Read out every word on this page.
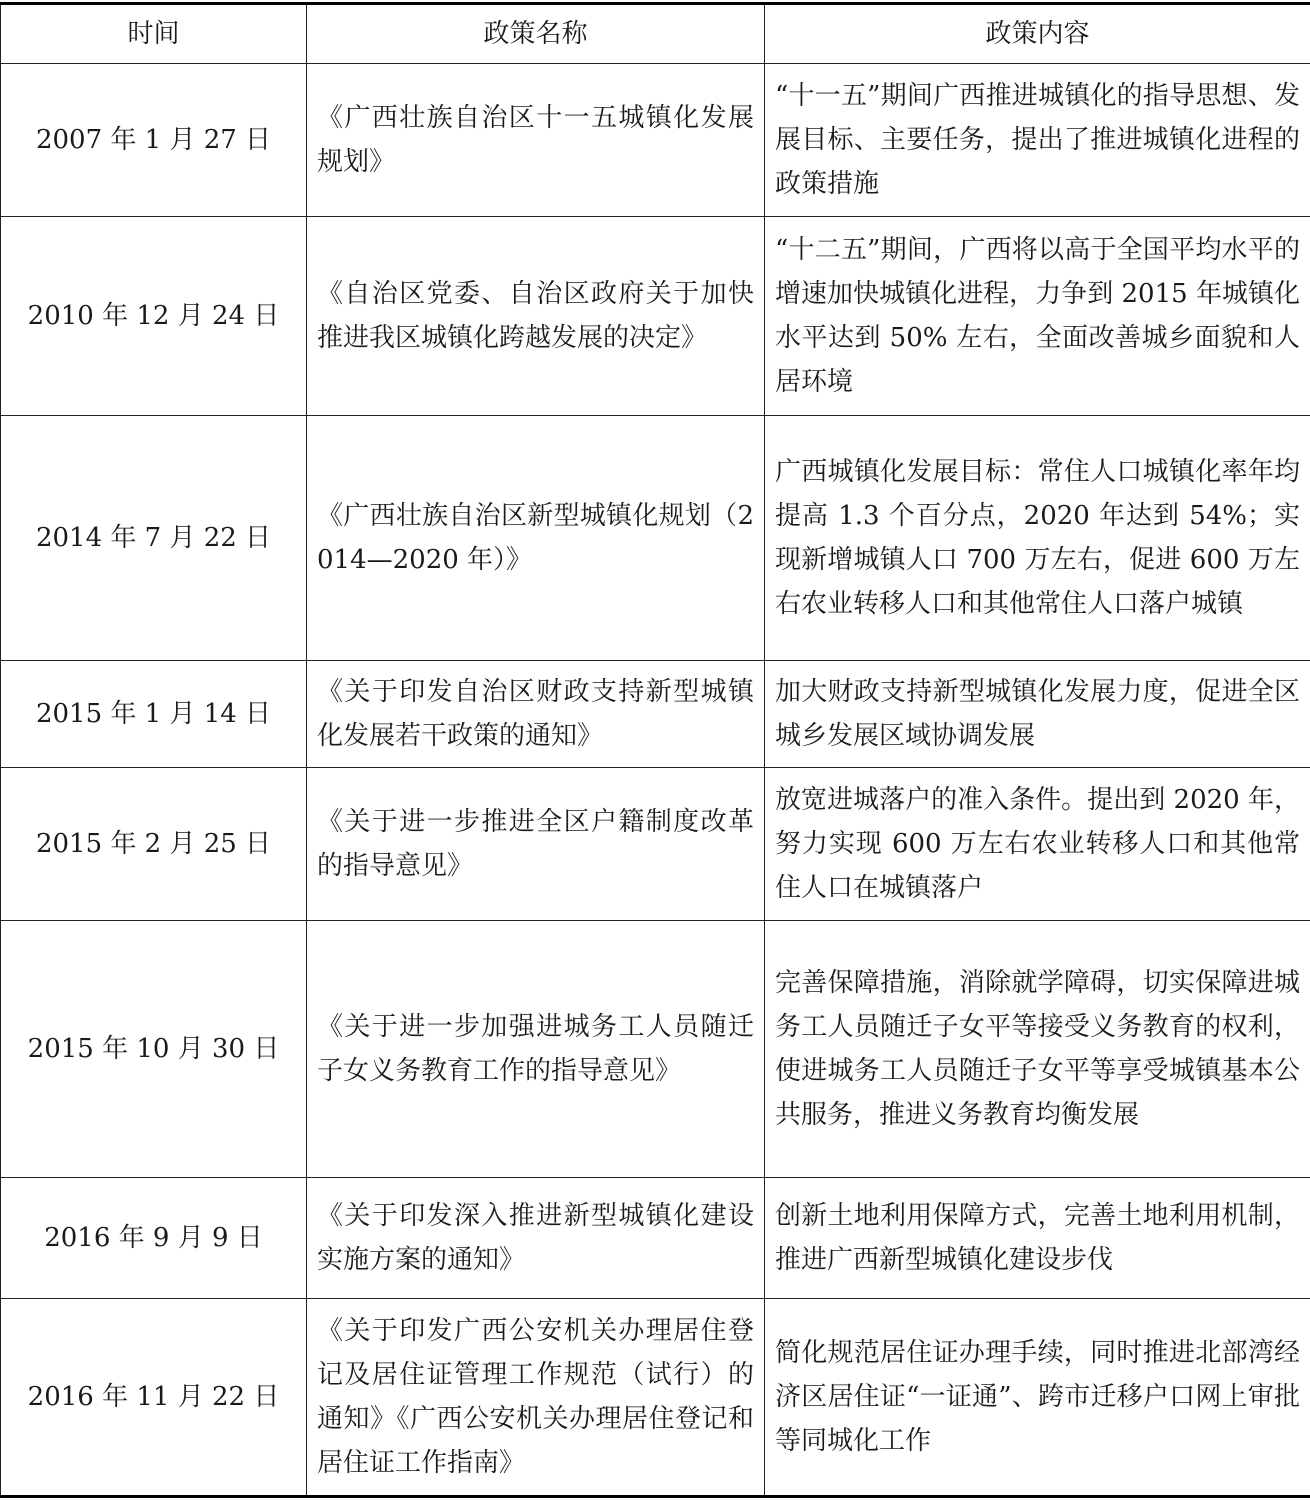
时间	政策名称	政策内容
2007 年 1 月 27 日	《广西壮族自治区十一五城镇化发展规划》	“十一五”期间广西推进城镇化的指导思想、发展目标、主要任务，提出了推进城镇化进程的政策措施
2010 年 12 月 24 日	《自治区党委、自治区政府关于加快推进我区城镇化跨越发展的决定》	“十二五”期间，广西将以高于全国平均水平的增速加快城镇化进程，力争到 2015 年城镇化水平达到 50% 左右，全面改善城乡面貌和人居环境
2014 年 7 月 22 日	《广西壮族自治区新型城镇化规划（2014—2020 年）》	广西城镇化发展目标：常住人口城镇化率年均提高 1.3 个百分点，2020 年达到 54%；实现新增城镇人口 700 万左右，促进 600 万左右农业转移人口和其他常住人口落户城镇
2015 年 1 月 14 日	《关于印发自治区财政支持新型城镇化发展若干政策的通知》	加大财政支持新型城镇化发展力度，促进全区城乡发展区域协调发展
2015 年 2 月 25 日	《关于进一步推进全区户籍制度改革的指导意见》	放宽进城落户的准入条件。提出到 2020 年，努力实现 600 万左右农业转移人口和其他常住人口在城镇落户
2015 年 10 月 30 日	《关于进一步加强进城务工人员随迁子女义务教育工作的指导意见》	完善保障措施，消除就学障碍，切实保障进城务工人员随迁子女平等接受义务教育的权利，使进城务工人员随迁子女平等享受城镇基本公共服务，推进义务教育均衡发展
2016 年 9 月 9 日	《关于印发深入推进新型城镇化建设实施方案的通知》	创新土地利用保障方式，完善土地利用机制，推进广西新型城镇化建设步伐
2016 年 11 月 22 日	《关于印发广西公安机关办理居住登记及居住证管理工作规范（试行）的通知》《广西公安机关办理居住登记和居住证工作指南》	简化规范居住证办理手续，同时推进北部湾经济区居住证“一证通”、跨市迁移户口网上审批等同城化工作
